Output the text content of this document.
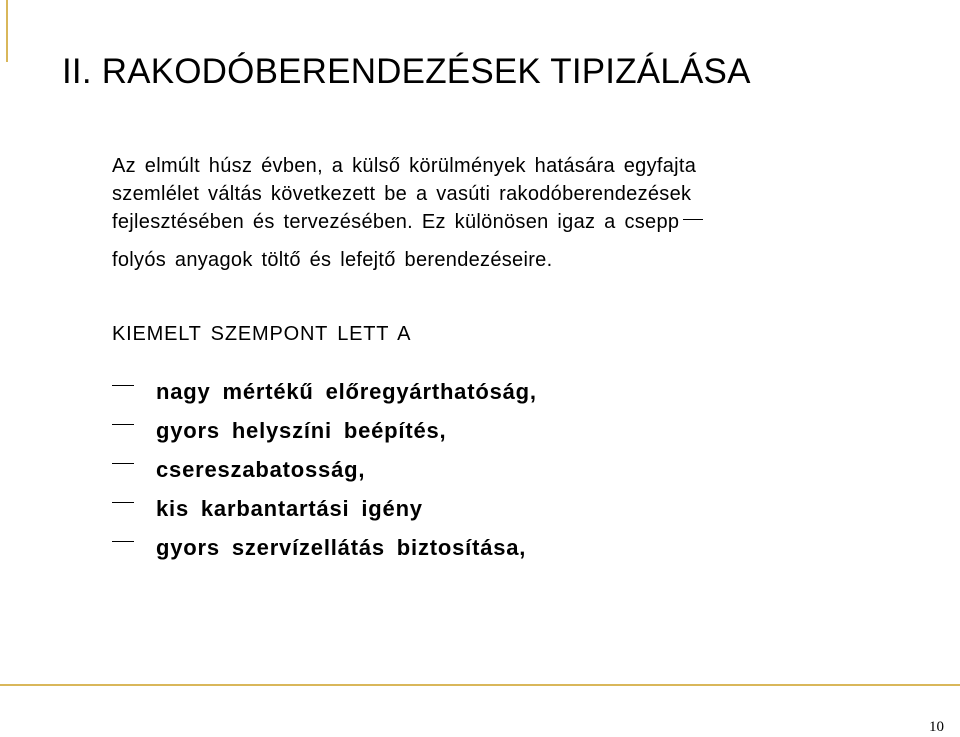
II. RAKODÓBERENDEZÉSEK TIPIZÁLÁSA
Az elmúlt húsz évben, a külső körülmények hatására egyfajta
szemlélet váltás következett be a vasúti rakodóberendezések
fejlesztésében és tervezésében. Ez különösen igaz a csepp
folyós anyagok töltő és lefejtő berendezéseire.

KIEMELT SZEMPONT LETT A

nagy mértékű előregyárthatóság,
gyors helyszíni beépítés,
csereszabatosság,
kis karbantartási igény
gyors szervízellátás biztosítása,

10
